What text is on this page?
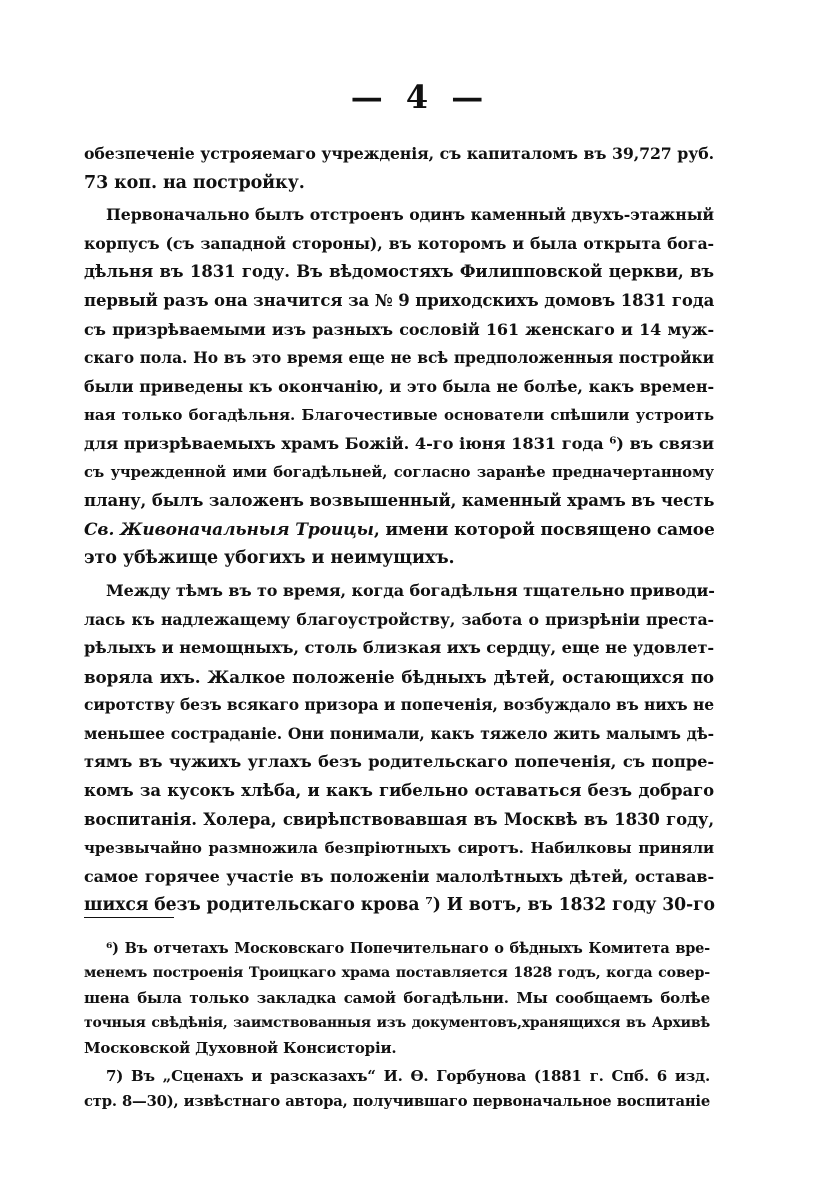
— 4 —
обезпеченіе устрояемаго учрежденія, съ капиталомъ въ 39,727 руб.
73 коп. на постройку.
Первоначально былъ отстроенъ одинъ каменный двухъ-этажный
корпусъ (съ западной стороны), въ которомъ и была открыта бога-
дѣльня въ 1831 году. Въ вѣдомостяхъ Филипповской церкви, въ
первый разъ она значится за № 9 приходскихъ домовъ 1831 года
съ призрѣваемыми изъ разныхъ сословій 161 женскаго и 14 муж-
скаго пола. Но въ это время еще не всѣ предположенныя постройки
были приведены къ окончанію, и это была не болѣе, какъ времен-
ная только богадѣльня. Благочестивые основатели спѣшили устроить
для призрѣваемыхъ храмъ Божій. 4-го іюня 1831 года ⁶) въ связи
съ учрежденной ими богадѣльней, согласно заранѣе предначертанному
плану, былъ заложенъ возвышенный, каменный храмъ въ честь
Св. Живоначальныя Троицы, имени которой посвящено самое
это убѣжище убогихъ и неимущихъ.
Между тѣмъ въ то время, когда богадѣльня тщательно приводи-
лась къ надлежащему благоустройству, забота о призрѣніи преста-
рѣлыхъ и немощныхъ, столь близкая ихъ сердцу, еще не удовлет-
воряла ихъ. Жалкое положеніе бѣдныхъ дѣтей, остающихся по
сиротству безъ всякаго призора и попеченія, возбуждало въ нихъ не
меньшее состраданіе. Они понимали, какъ тяжело жить малымъ дѣ-
тямъ въ чужихъ углахъ безъ родительскаго попеченія, съ попре-
комъ за кусокъ хлѣба, и какъ гибельно оставаться безъ добраго
воспитанія. Холера, свирѣпствовавшая въ Москвѣ въ 1830 году,
чрезвычайно размножила безпріютныхъ сиротъ. Набилковы приняли
самое горячее участіе въ положеніи малолѣтныхъ дѣтей, оставав-
шихся безъ родительскаго крова ⁷) И вотъ, въ 1832 году 30-го
⁶) Въ отчетахъ Московскаго Попечительнаго о бѣдныхъ Комитета вре-
менемъ построенія Троицкаго храма поставляется 1828 годъ, когда совер-
шена была только закладка самой богадѣльни. Мы сообщаемъ болѣе
точныя свѣдѣнія, заимствованныя изъ документовъ,хранящихся въ Архивѣ
Московской Духовной Консисторіи.
7) Въ „Сценахъ и разсказахъ“ И. Ѳ. Горбунова (1881 г. Спб. 6 изд.
стр. 8—30), извѣстнаго автора, получившаго первоначальное воспитаніе
